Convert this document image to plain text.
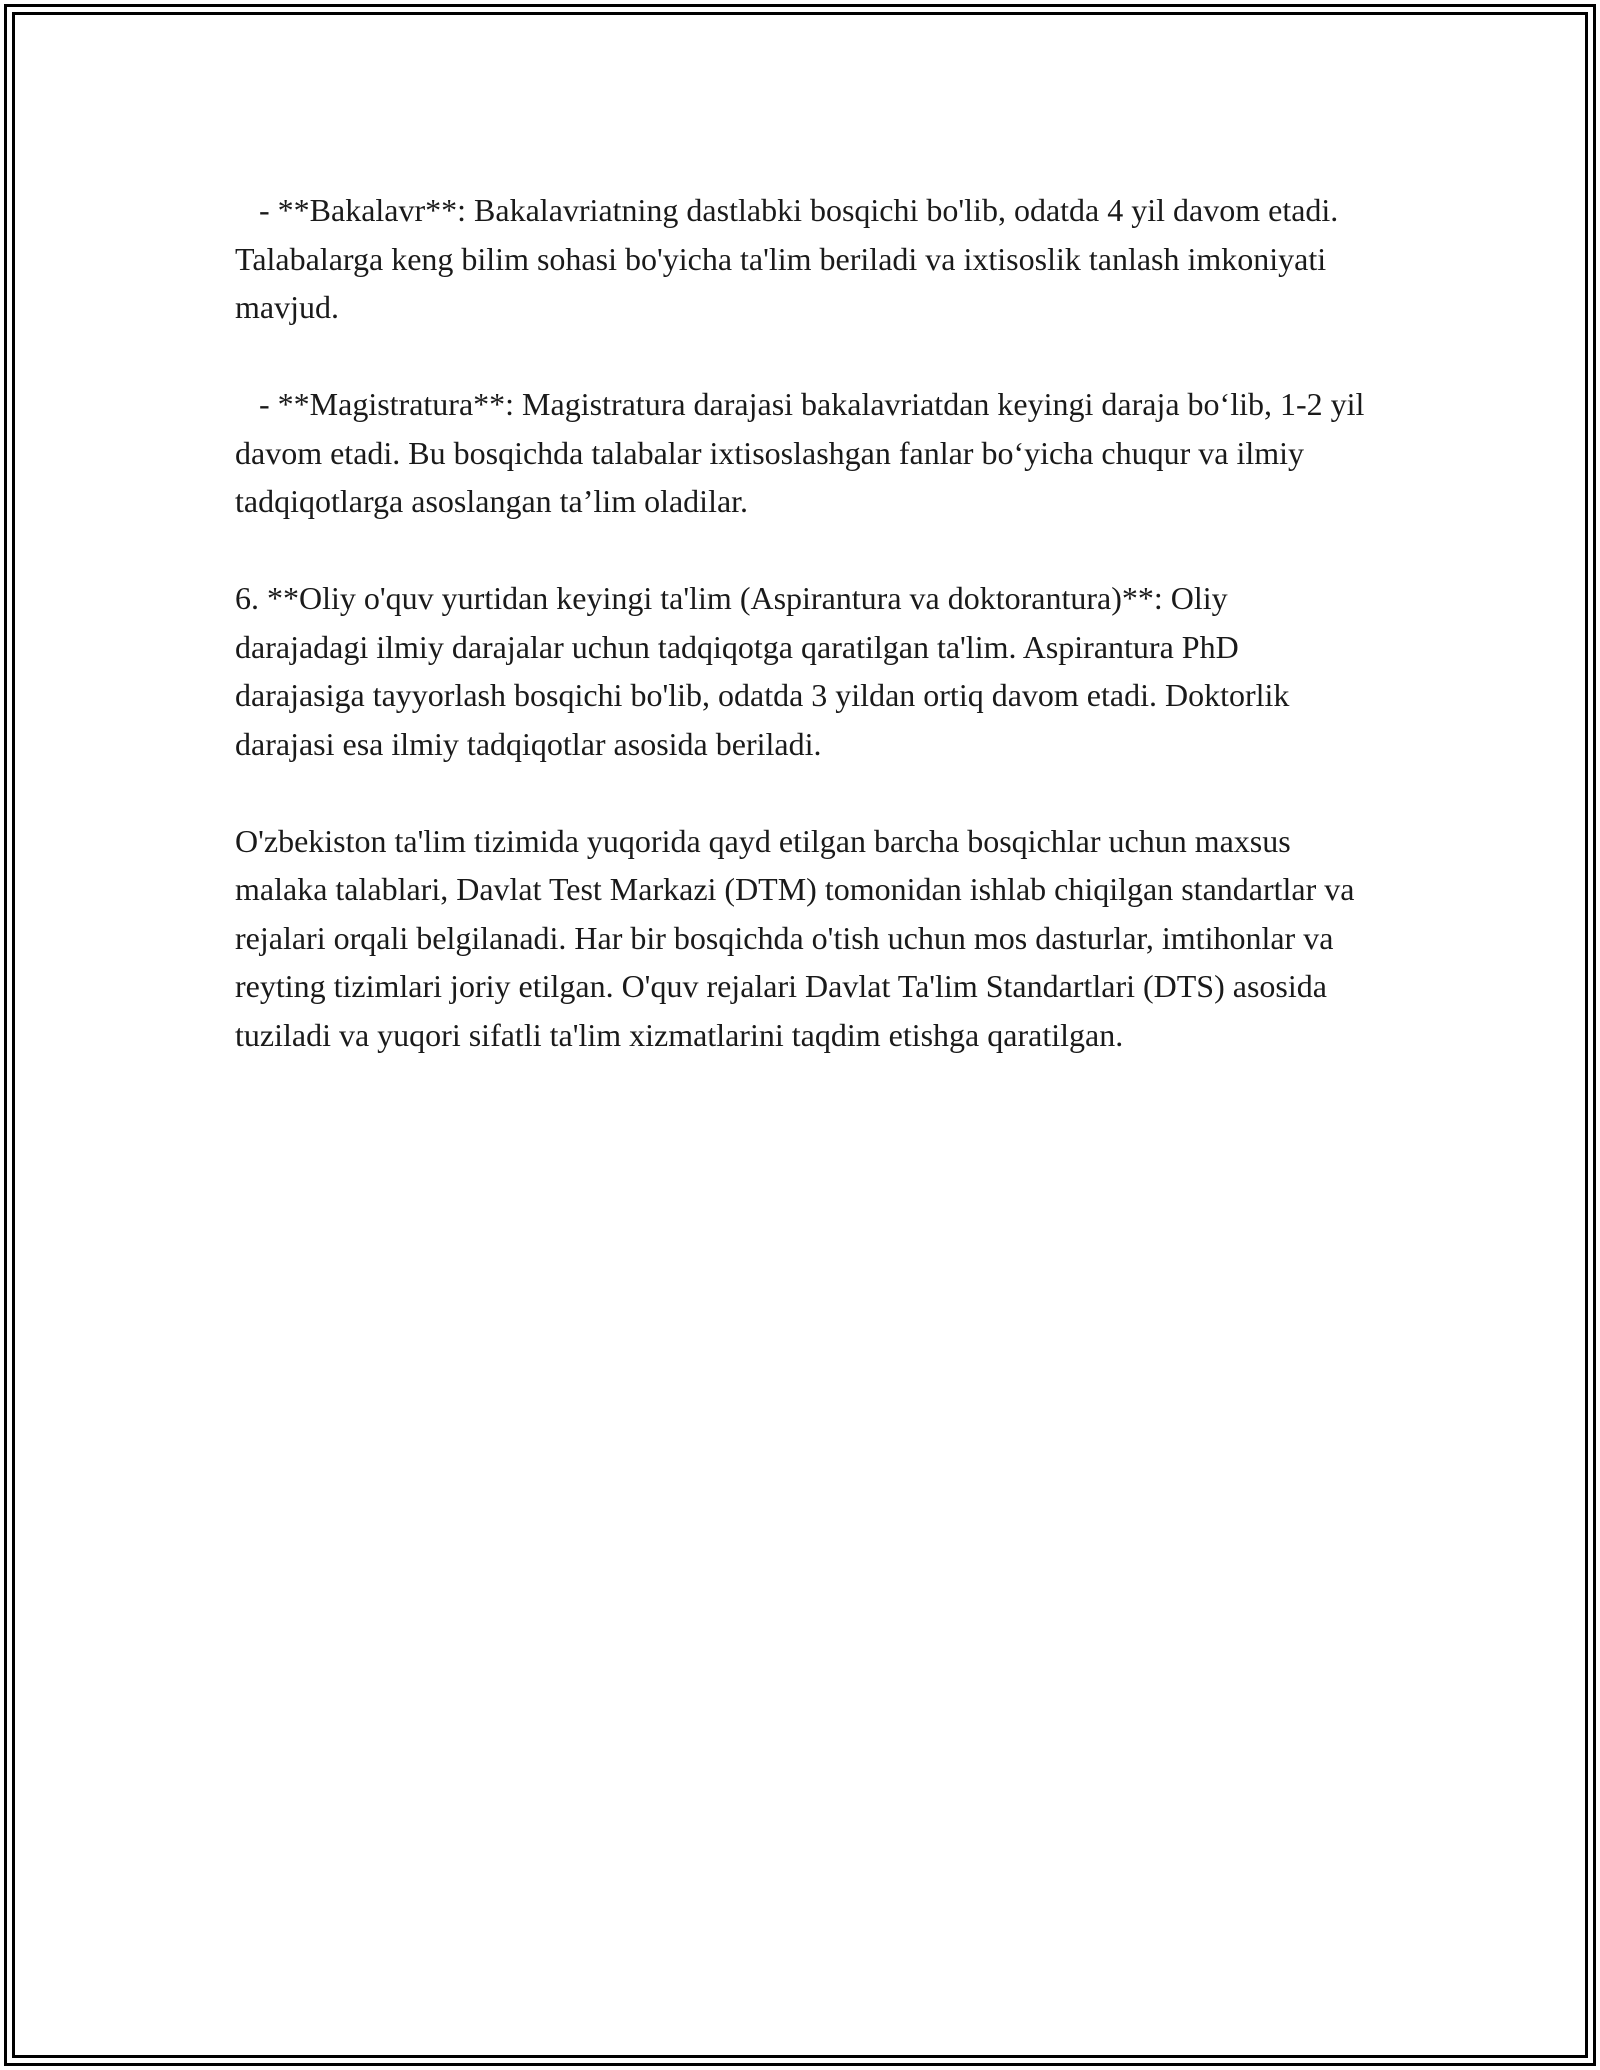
- **Bakalavr**: Bakalavriatning dastlabki bosqichi bo'lib, odatda 4 yil davom etadi. Talabalarga keng bilim sohasi bo'yicha ta'lim beriladi va ixtisoslik tanlash imkoniyati mavjud.

- **Magistratura**: Magistratura darajasi bakalavriatdan keyingi daraja bo‘lib, 1-2 yil davom etadi. Bu bosqichda talabalar ixtisoslashgan fanlar bo‘yicha chuqur va ilmiy tadqiqotlarga asoslangan ta’lim oladilar.

6. **Oliy o'quv yurtidan keyingi ta'lim (Aspirantura va doktorantura)**: Oliy darajadagi ilmiy darajalar uchun tadqiqotga qaratilgan ta'lim. Aspirantura PhD darajasiga tayyorlash bosqichi bo'lib, odatda 3 yildan ortiq davom etadi. Doktorlik darajasi esa ilmiy tadqiqotlar asosida beriladi.

O'zbekiston ta'lim tizimida yuqorida qayd etilgan barcha bosqichlar uchun maxsus malaka talablari, Davlat Test Markazi (DTM) tomonidan ishlab chiqilgan standartlar va rejalari orqali belgilanadi. Har bir bosqichda o'tish uchun mos dasturlar, imtihonlar va reyting tizimlari joriy etilgan. O'quv rejalari Davlat Ta'lim Standartlari (DTS) asosida tuziladi va yuqori sifatli ta'lim xizmatlarini taqdim etishga qaratilgan.
